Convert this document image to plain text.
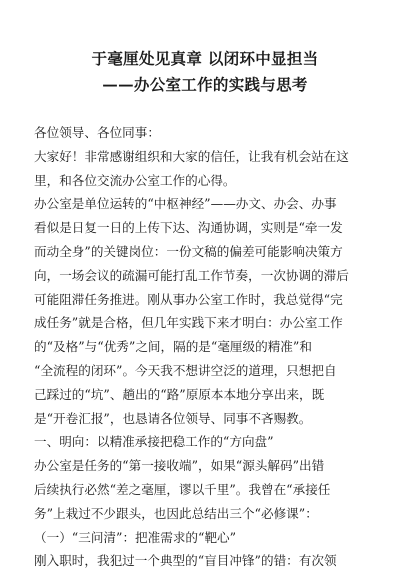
于毫厘处见真章 以闭环中显担当
——办公室工作的实践与思考
各位领导、各位同事：
大家好！非常感谢组织和大家的信任，让我有机会站在这
里，和各位交流办公室工作的心得。
办公室是单位运转的“中枢神经”——办文、办会、办事
看似是日复一日的上传下达、沟通协调，实则是“牵一发
而动全身”的关键岗位：一份文稿的偏差可能影响决策方
向，一场会议的疏漏可能打乱工作节奏，一次协调的滞后
可能阻滞任务推进。刚从事办公室工作时，我总觉得“完
成任务”就是合格，但几年实践下来才明白：办公室工作
的“及格”与“优秀”之间，隔的是“毫厘级的精准”和
“全流程的闭环”。今天我不想讲空泛的道理，只想把自
己踩过的“坑”、趟出的“路”原原本本地分享出来，既
是“开卷汇报”，也恳请各位领导、同事不吝赐教。
一、明向：以精准承接把稳工作的“方向盘”
办公室是任务的“第一接收端”，如果“源头解码”出错
后续执行必然“差之毫厘，谬以千里”。我曾在“承接任
务”上栽过不少跟头，也因此总结出三个“必修课”：
（一）“三问清”：把准需求的“靶心”
刚入职时，我犯过一个典型的“盲目冲锋”的错：有次领
